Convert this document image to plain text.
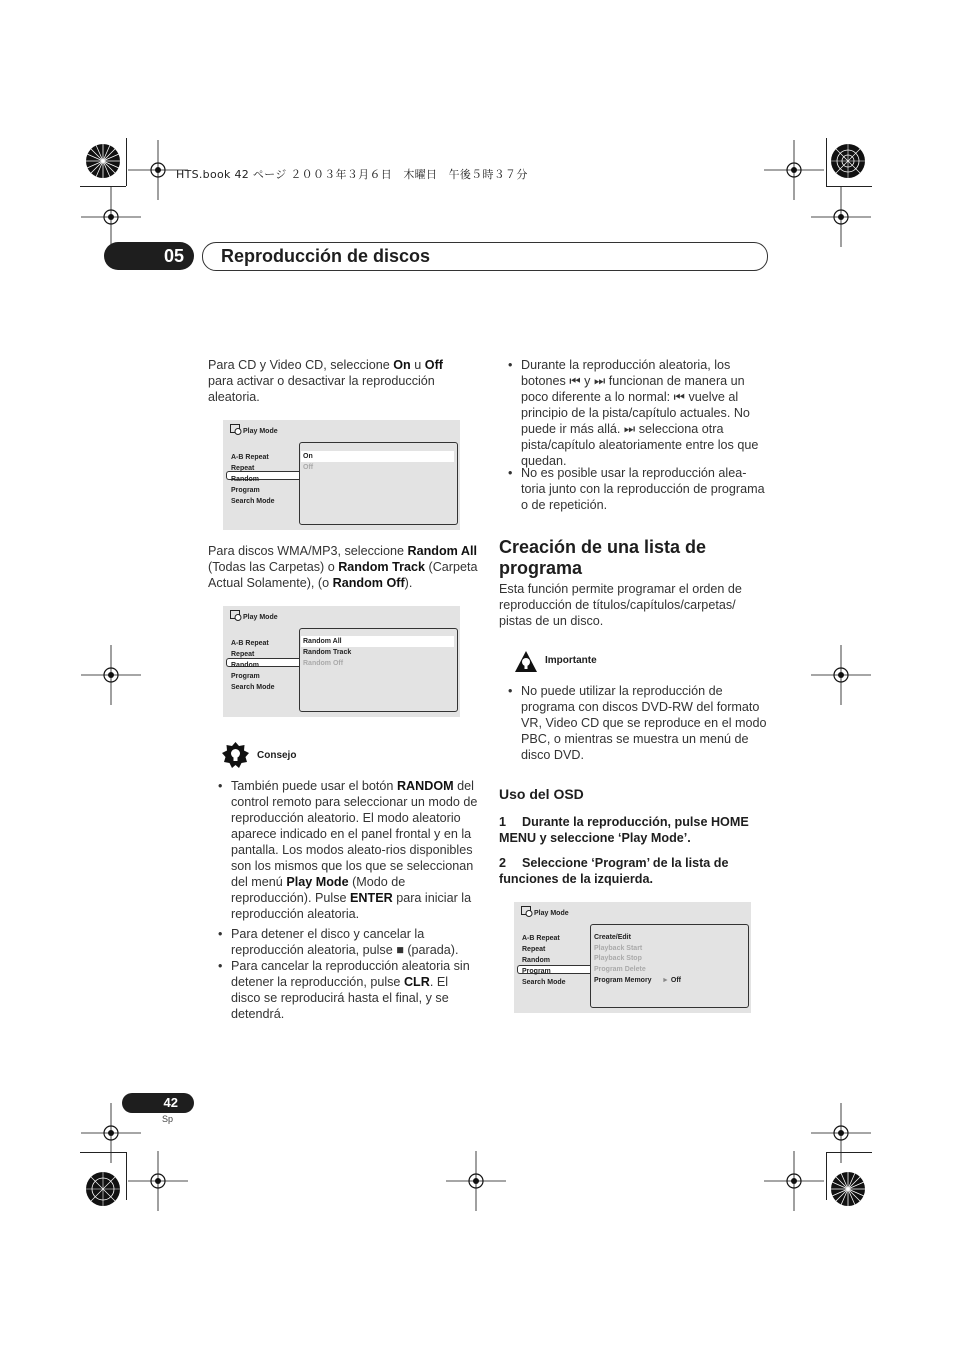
HTS.book 42 ページ ２００３年３月６日　木曜日　午後５時３７分
05	Reproducción de discos

Para CD y Video CD, seleccione On u Off para activar o desactivar la reproducción aleatoria.

Play Mode
A-B Repeat
Repeat
Random
Program
Search Mode
On
Off

Para discos WMA/MP3, seleccione Random All (Todas las Carpetas) o Random Track (Carpeta Actual Solamente), (o Random Off).

Play Mode
A-B Repeat
Repeat
Random
Program
Search Mode
Random All
Random Track
Random Off
Consejo
• También puede usar el botón RANDOM del control remoto para seleccionar un modo de reproducción aleatorio. El modo aleatorio aparece indicado en el panel frontal y en la pantalla. Los modos aleato-rios disponibles son los mismos que los que se seleccionan del menú Play Mode (Modo de reproducción). Pulse ENTER para iniciar la reproducción aleatoria.
• Para detener el disco y cancelar la reproducción aleatoria, pulse ■ (parada).
• Para cancelar la reproducción aleatoria sin detener la reproducción, pulse CLR. El disco se reproducirá hasta el final, y se detendrá.
• Durante la reproducción aleatoria, los botones ⏮ y ⏭ funcionan de manera un poco diferente a lo normal: ⏮ vuelve al principio de la pista/capítulo actuales. No puede ir más allá. ⏭ selecciona otra pista/capítulo aleatoriamente entre los que quedan.
• No es posible usar la reproducción alea-toria junto con la reproducción de programa o de repetición.
Creación de una lista de programa

Esta función permite programar el orden de reproducción de títulos/capítulos/carpetas/ pistas de un disco.

Importante
• No puede utilizar la reproducción de programa con discos DVD-RW del formato VR, Video CD que se reproduce en el modo PBC, o mientras se muestra un menú de disco DVD.
Uso del OSD
1 Durante la reproducción, pulse HOME MENU y seleccione ‘Play Mode’.
2 Seleccione ‘Program’ de la lista de funciones de la izquierda.
Play Mode
A-B Repeat
Repeat
Random
Program
Search Mode
Create/Edit
Playback Start
Playback Stop
Program Delete
Program Memory ► Off
42
Sp
